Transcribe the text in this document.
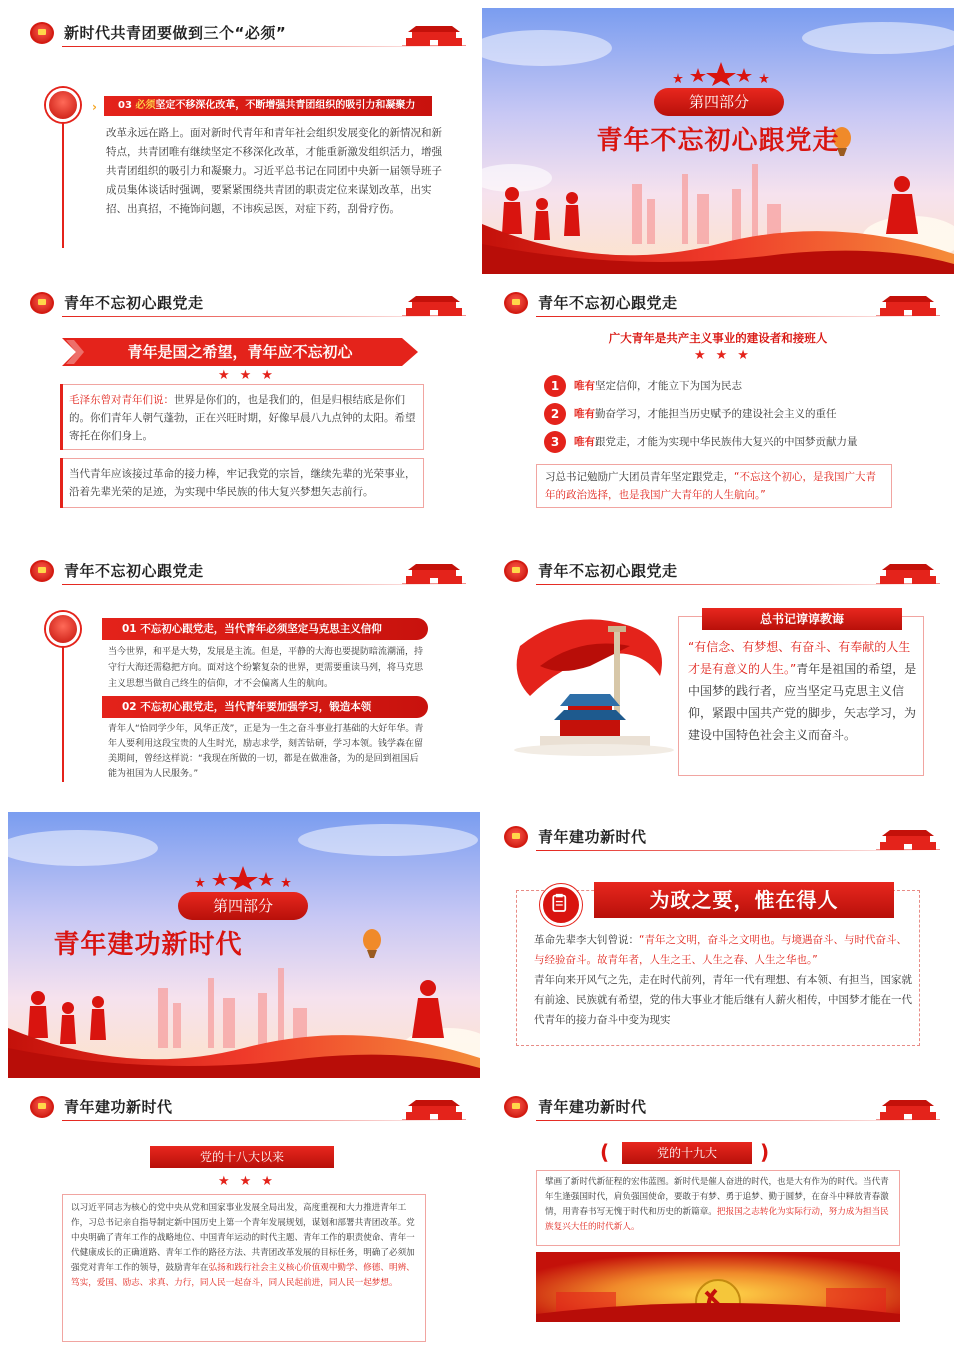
新时代共青团要做到三个“必须”
›	03 必须坚定不移深化改革，不断增强共青团组织的吸引力和凝聚力
改革永远在路上。面对新时代青年和青年社会组织发展变化的新情况和新特点，共青团唯有继续坚定不移深化改革，才能重新激发组织活力，增强共青团组织的吸引力和凝聚力。习近平总书记在同团中央新一届领导班子成员集体谈话时强调，要紧紧围绕共青团的职责定位来谋划改革，出实招、出真招，不掩饰问题，不讳疾忌医，对症下药，刮骨疗伤。
第四部分
青年不忘初心跟党走
青年不忘初心跟党走
青年是国之希望，青年应不忘初心
★★★
毛泽东曾对青年们说：世界是你们的，也是我们的，但是归根结底是你们的。你们青年人朝气蓬勃，正在兴旺时期，好像早晨八九点钟的太阳。希望寄托在你们身上。
当代青年应该接过革命的接力棒，牢记我党的宗旨，继续先辈的光荣事业，沿着先辈光荣的足迹，为实现中华民族的伟大复兴梦想矢志前行。
青年不忘初心跟党走
广大青年是共产主义事业的建设者和接班人
★★★
1	唯有坚定信仰，才能立下为国为民志
2	唯有勤奋学习，才能担当历史赋予的建设社会主义的重任
3	唯有跟党走，才能为实现中华民族伟大复兴的中国梦贡献力量
习总书记勉励广大团员青年坚定跟党走，“不忘这个初心，是我国广大青年的政治选择，也是我国广大青年的人生航向。”
青年不忘初心跟党走
01 不忘初心跟党走，当代青年必须坚定马克思主义信仰
当今世界，和平是大势，发展是主流。但是，平静的大海也要提防暗流潮涌，持守行大海还需稳把方向。面对这个纷繁复杂的世界，更需要重读马列，将马克思主义思想当做自己终生的信仰，才不会偏离人生的航向。
02 不忘初心跟党走，当代青年要加强学习，锻造本领
青年人“恰同学少年，风华正茂”，正是为一生之奋斗事业打基础的大好年华。青年人要利用这段宝贵的人生时光，励志求学，刻苦钻研，学习本领。钱学森在留美期间，曾经这样说：“我现在所做的一切，都是在做准备，为的是回到祖国后能为祖国为人民服务。”
青年不忘初心跟党走
总书记谆谆教诲
“有信念、有梦想、有奋斗、有奉献的人生才是有意义的人生。”青年是祖国的希望，是中国梦的践行者，应当坚定马克思主义信仰，紧跟中国共产党的脚步，矢志学习，为建设中国特色社会主义而奋斗。
第四部分
青年建功新时代
青年建功新时代
为政之要，惟在得人
革命先辈李大钊曾说：“青年之文明，奋斗之文明也。与境遇奋斗、与时代奋斗、与经验奋斗。故青年者，人生之王、人生之春、人生之华也。”
青年向来开风气之先，走在时代前列，青年一代有理想、有本领、有担当，国家就有前途、民族就有希望，党的伟大事业才能后继有人薪火相传，中国梦才能在一代代青年的接力奋斗中变为现实
青年建功新时代
党的十八大以来
★★★
以习近平同志为核心的党中央从党和国家事业发展全局出发，高度重视和大力推进青年工作，习总书记亲自指导制定新中国历史上第一个青年发展规划，谋划和部署共青团改革。党中央明确了青年工作的战略地位、中国青年运动的时代主题、青年工作的职责使命、青年一代健康成长的正确道路、青年工作的路径方法、共青团改革发展的目标任务，明确了必须加强党对青年工作的领导，鼓励青年在弘扬和践行社会主义核心价值观中勤学、修德、明辨、笃实，爱国、励志、求真、力行，同人民一起奋斗，同人民起前进，同人民一起梦想。
青年建功新时代
(	党的十九大	)
擘画了新时代新征程的宏伟蓝图。新时代是催人奋进的时代，也是大有作为的时代。当代青年生逢强国时代，肩负强国使命，要敢于有梦、勇于追梦、勤于圆梦，在奋斗中释放青春激情，用青春书写无愧于时代和历史的新篇章。把报国之志转化为实际行动，努力成为担当民族复兴大任的时代新人。
